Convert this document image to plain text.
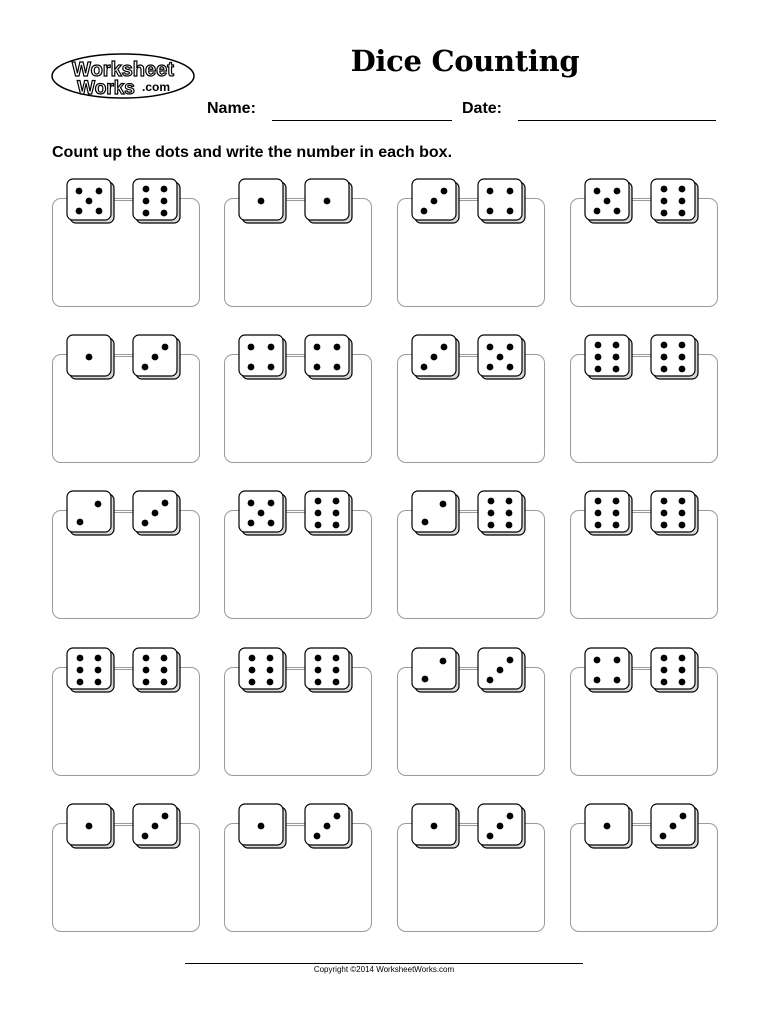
Worksheet
Works .com
Dice Counting
Name:	Date:
Count up the dots and write the number in each box.
Copyright ©2014 WorksheetWorks.com
